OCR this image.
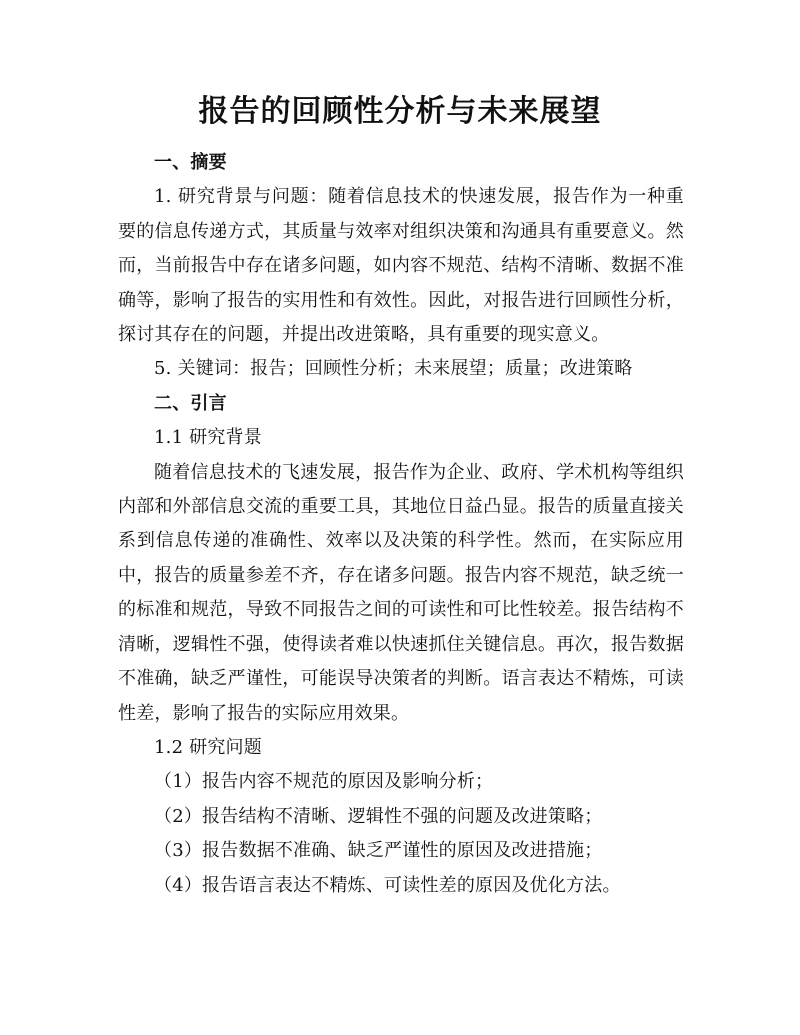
报告的回顾性分析与未来展望

一、摘要

1. 研究背景与问题：随着信息技术的快速发展，报告作为一种重要的信息传递方式，其质量与效率对组织决策和沟通具有重要意义。然而，当前报告中存在诸多问题，如内容不规范、结构不清晰、数据不准确等，影响了报告的实用性和有效性。因此，对报告进行回顾性分析，探讨其存在的问题，并提出改进策略，具有重要的现实意义。

5. 关键词：报告；回顾性分析；未来展望；质量；改进策略

二、引言

1.1 研究背景

随着信息技术的飞速发展，报告作为企业、政府、学术机构等组织内部和外部信息交流的重要工具，其地位日益凸显。报告的质量直接关系到信息传递的准确性、效率以及决策的科学性。然而，在实际应用中，报告的质量参差不齐，存在诸多问题。报告内容不规范，缺乏统一的标准和规范，导致不同报告之间的可读性和可比性较差。报告结构不清晰，逻辑性不强，使得读者难以快速抓住关键信息。再次，报告数据不准确，缺乏严谨性，可能误导决策者的判断。语言表达不精炼，可读性差，影响了报告的实际应用效果。

1.2 研究问题

（1）报告内容不规范的原因及影响分析；

（2）报告结构不清晰、逻辑性不强的问题及改进策略；

（3）报告数据不准确、缺乏严谨性的原因及改进措施；

（4）报告语言表达不精炼、可读性差的原因及优化方法。
